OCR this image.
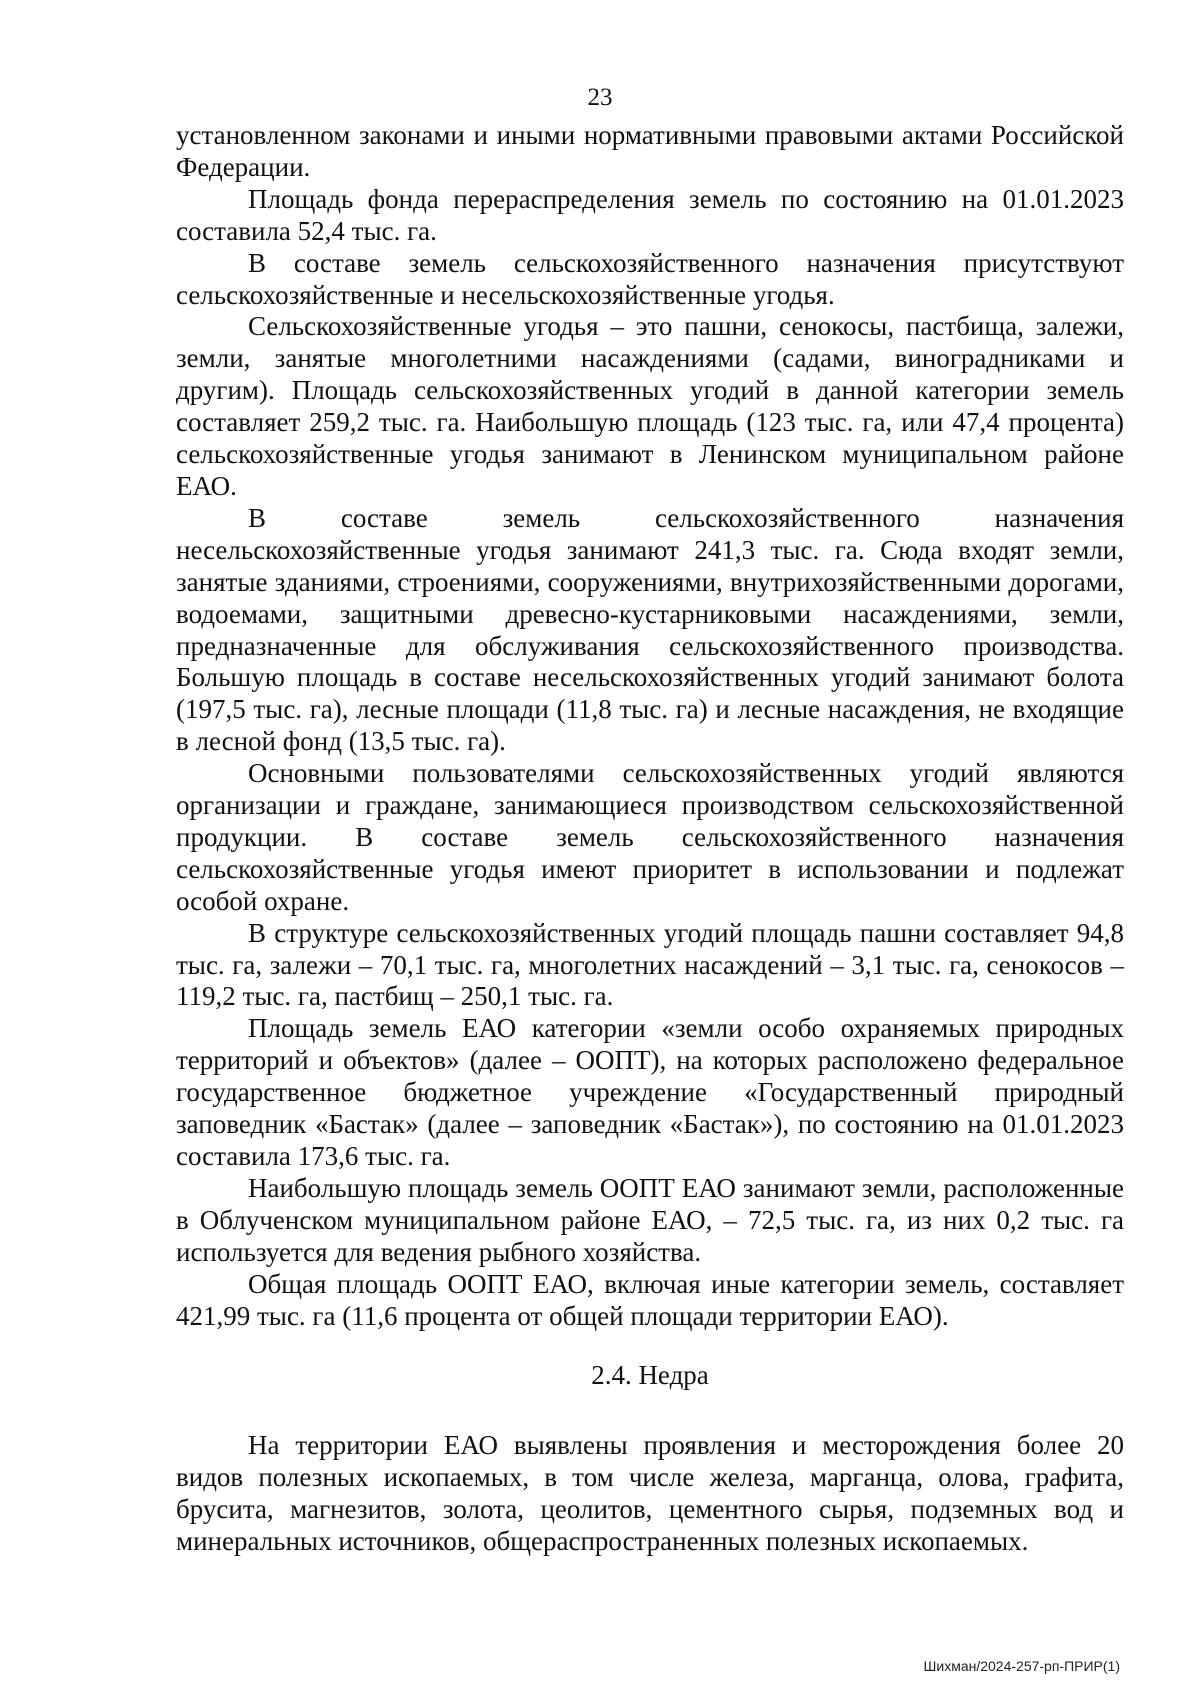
23

установленном законами и иными нормативными правовыми актами Российской Федерации.

Площадь фонда перераспределения земель по состоянию на 01.01.2023 составила 52,4 тыс. га.

В составе земель сельскохозяйственного назначения присутствуют сельскохозяйственные и несельскохозяйственные угодья.

Сельскохозяйственные угодья – это пашни, сенокосы, пастбища, залежи, земли, занятые многолетними насаждениями (садами, виноградниками и другим). Площадь сельскохозяйственных угодий в данной категории земель составляет 259,2 тыс. га. Наибольшую площадь (123 тыс. га, или 47,4 процента) сельскохозяйственные угодья занимают в Ленинском муниципальном районе ЕАО.

В составе земель сельскохозяйственного назначения несельскохозяйственные угодья занимают 241,3 тыс. га. Сюда входят земли, занятые зданиями, строениями, сооружениями, внутрихозяйственными дорогами, водоемами, защитными древесно-кустарниковыми насаждениями, земли, предназначенные для обслуживания сельскохозяйственного производства. Большую площадь в составе несельскохозяйственных угодий занимают болота (197,5 тыс. га), лесные площади (11,8 тыс. га) и лесные насаждения, не входящие в лесной фонд (13,5 тыс. га).

Основными пользователями сельскохозяйственных угодий являются организации и граждане, занимающиеся производством сельскохозяйственной продукции. В составе земель сельскохозяйственного назначения сельскохозяйственные угодья имеют приоритет в использовании и подлежат особой охране.

В структуре сельскохозяйственных угодий площадь пашни составляет 94,8 тыс. га, залежи – 70,1 тыс. га, многолетних насаждений – 3,1 тыс. га, сенокосов – 119,2 тыс. га, пастбищ – 250,1 тыс. га.

Площадь земель ЕАО категории «земли особо охраняемых природных территорий и объектов» (далее – ООПТ), на которых расположено федеральное государственное бюджетное учреждение «Государственный природный заповедник «Бастак» (далее – заповедник «Бастак»), по состоянию на 01.01.2023 составила 173,6 тыс. га.

Наибольшую площадь земель ООПТ ЕАО занимают земли, расположенные в Облученском муниципальном районе ЕАО, – 72,5 тыс. га, из них 0,2 тыс. га используется для ведения рыбного хозяйства.

Общая площадь ООПТ ЕАО, включая иные категории земель, составляет 421,99 тыс. га (11,6 процента от общей площади территории ЕАО).

2.4. Недра

На территории ЕАО выявлены проявления и месторождения более 20 видов полезных ископаемых, в том числе железа, марганца, олова, графита, брусита, магнезитов, золота, цеолитов, цементного сырья, подземных вод и минеральных источников, общераспространенных полезных ископаемых.

Шихман/2024-257-рп-ПРИР(1)
